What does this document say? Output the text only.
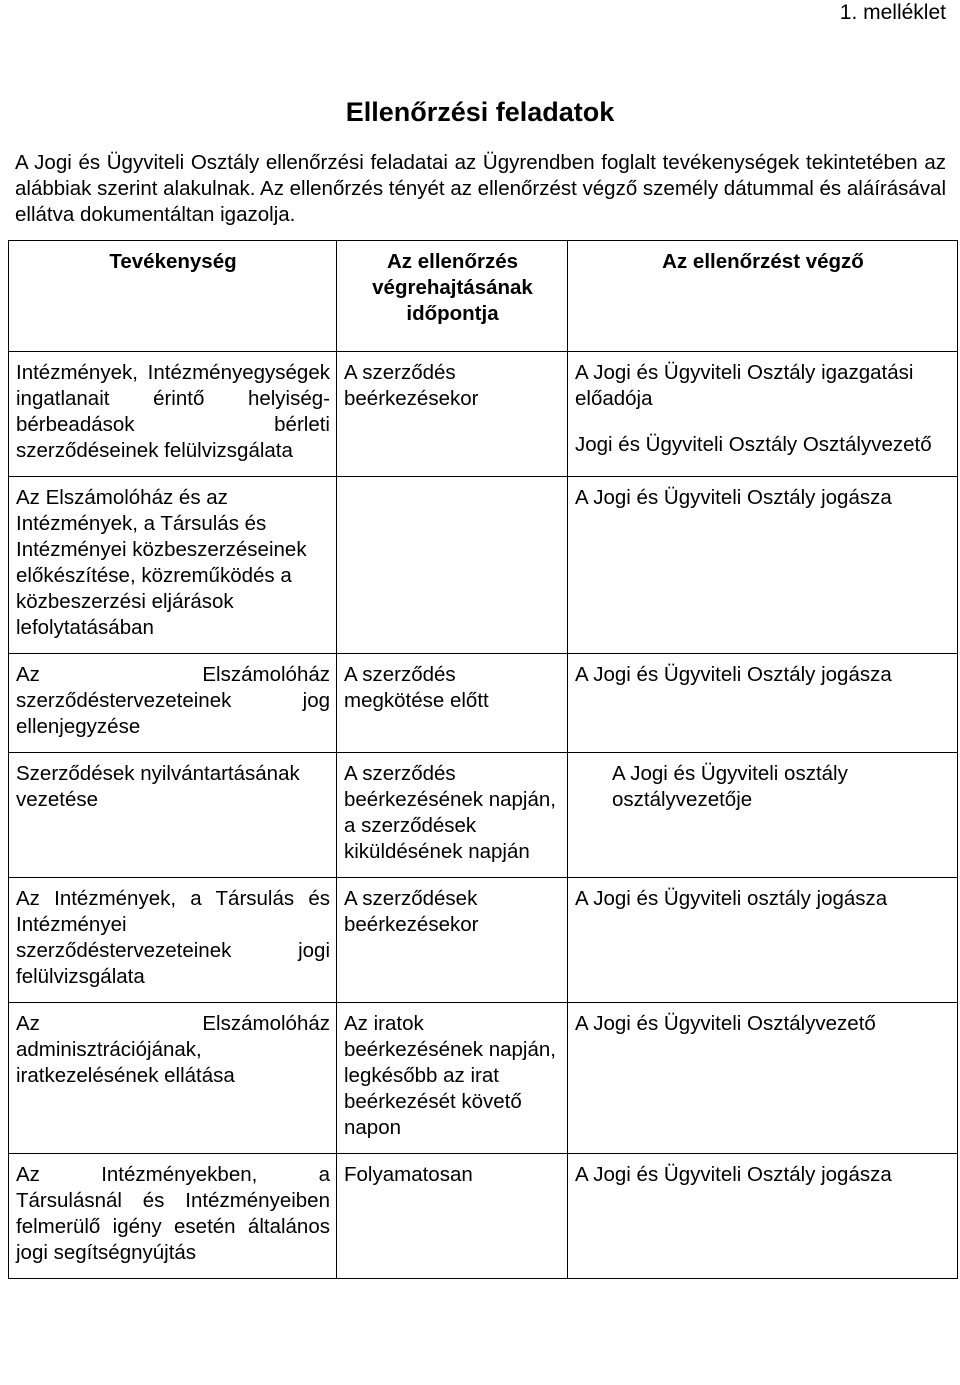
1. melléklet
Ellenőrzési feladatok
A Jogi és Ügyviteli Osztály ellenőrzési feladatai az Ügyrendben foglalt tevékenységek tekintetében az alábbiak szerint alakulnak. Az ellenőrzés tényét az ellenőrzést végző személy dátummal és aláírásával ellátva dokumentáltan igazolja.
Tevékenység	Az ellenőrzés végrehajtásának időpontja	Az ellenőrzést végző
Intézmények, Intézményegységek ingatlanait érintő helyiség-bérbeadások bérleti szerződéseinek felülvizsgálata	A szerződés beérkezésekor	A Jogi és Ügyviteli Osztály igazgatási előadója
Jogi és Ügyviteli Osztály Osztályvezető

Az Elszámolóház és az Intézmények, a Társulás és Intézményei közbeszerzéseinek előkészítése, közreműködés a közbeszerzési eljárások lefolytatásában		A Jogi és Ügyviteli Osztály jogásza
Az Elszámolóház szerződéstervezeteinek jog ellenjegyzése	A szerződés megkötése előtt	A Jogi és Ügyviteli Osztály jogásza
Szerződések nyilvántartásának vezetése	A szerződés beérkezésének napján, a szerződések kiküldésének napján	A Jogi és Ügyviteli osztály osztályvezetője
Az Intézmények, a Társulás és Intézményei szerződéstervezeteinek jogi felülvizsgálata	A szerződések beérkezésekor	A Jogi és Ügyviteli osztály jogásza
Az Elszámolóház adminisztrációjának, iratkezelésének ellátása	Az iratok beérkezésének napján, legkésőbb az irat beérkezését követő napon	A Jogi és Ügyviteli Osztályvezető
Az Intézményekben, a Társulásnál és Intézményeiben felmerülő igény esetén általános jogi segítségnyújtás	Folyamatosan	A Jogi és Ügyviteli Osztály jogásza
